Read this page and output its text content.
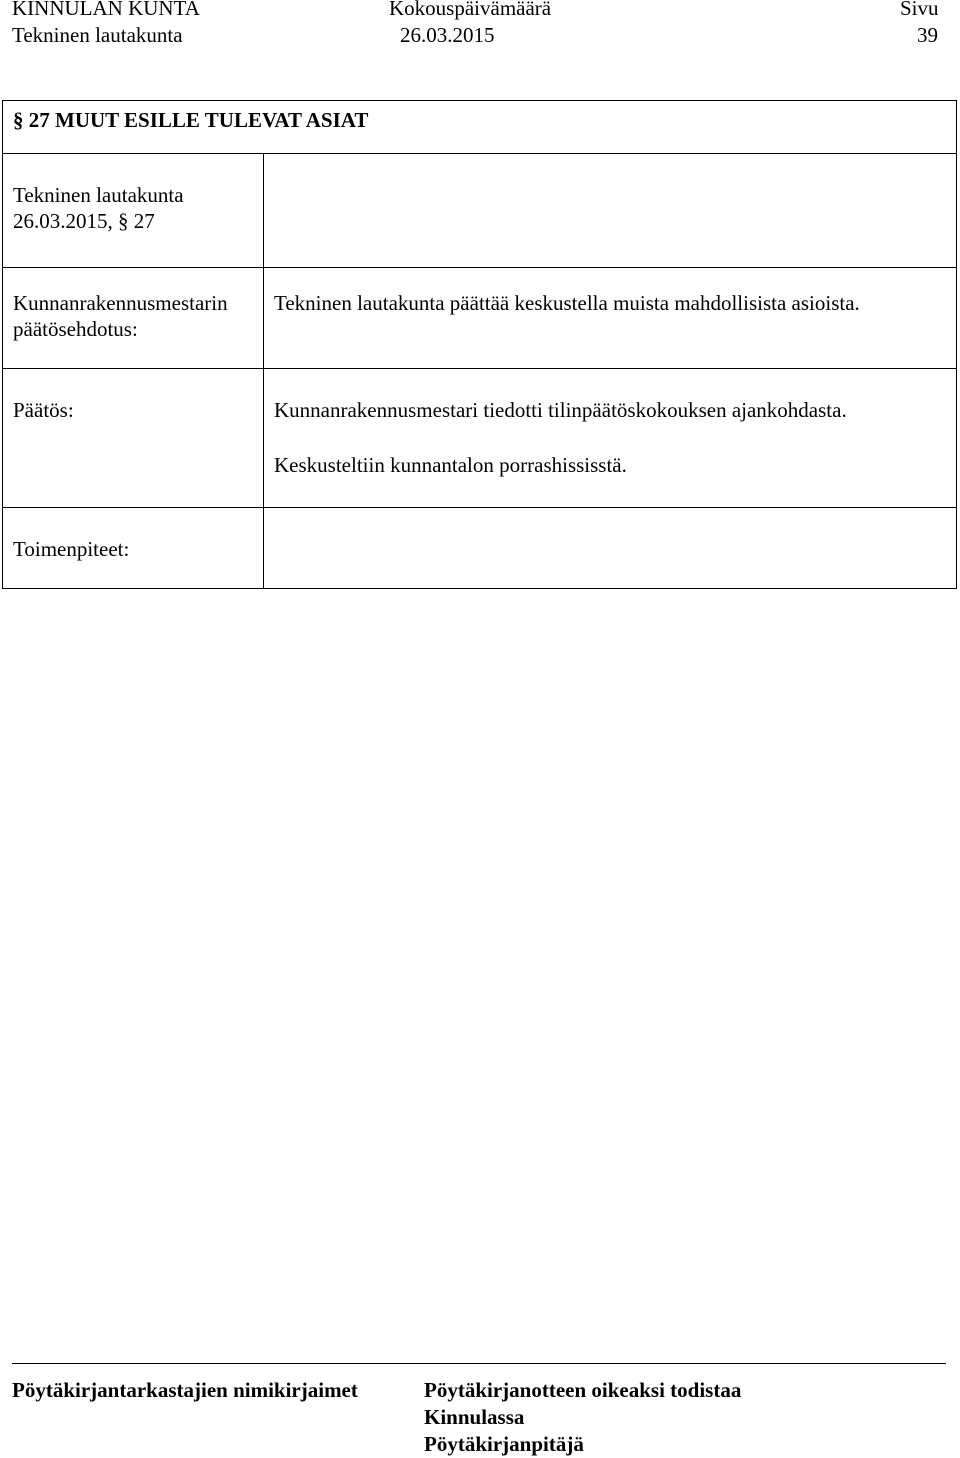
KINNULAN KUNTA	Kokouspäivämäärä	Sivu
Tekninen lautakunta	26.03.2015	39
§ 27 MUUT ESILLE TULEVAT ASIAT	

Tekninen lautakunta
26.03.2015, § 27	

Kunnanrakennusmestarin
päätösehdotus:	Tekninen lautakunta päättää keskustella muista mahdollisista asioista.

Päätös:	Kunnanrakennusmestari tiedotti tilinpäätöskokouksen ajankohdasta.

Keskusteltiin kunnantalon porrashississtä.

Toimenpiteet:	

Pöytäkirjantarkastajien nimikirjaimet	Pöytäkirjanotteen oikeaksi todistaa
Kinnulassa
Pöytäkirjanpitäjä
